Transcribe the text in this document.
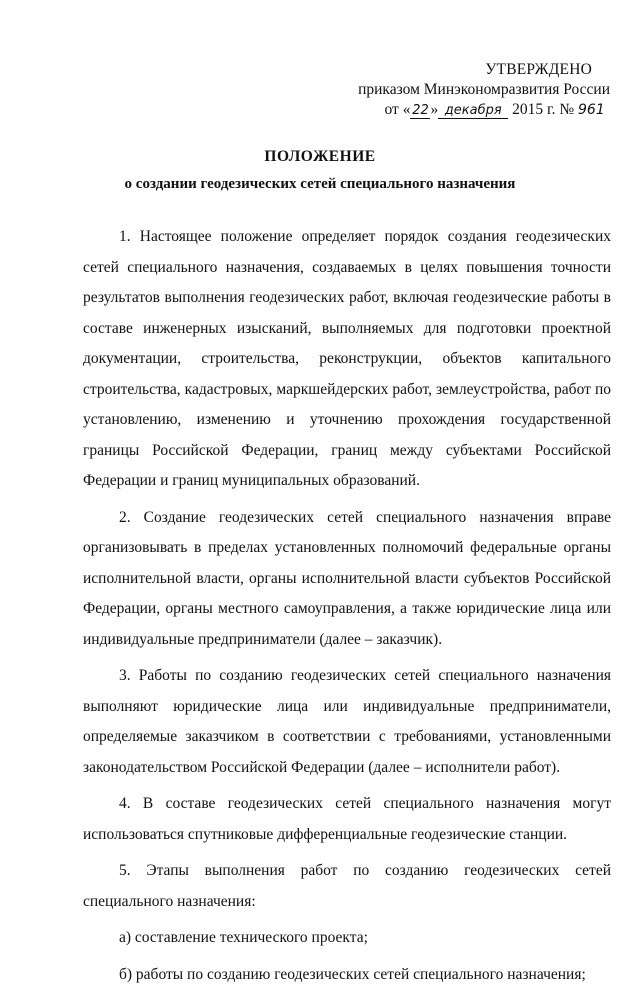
УТВЕРЖДЕНО
приказом Минэкономразвития России
от « 22 » декабря 2015 г. № 961
ПОЛОЖЕНИЕ
о создании геодезических сетей специального назначения

1. Настоящее положение определяет порядок создания геодезических сетей специального назначения, создаваемых в целях повышения точности результатов выполнения геодезических работ, включая геодезические работы в составе инженерных изысканий, выполняемых для подготовки проектной документации, строительства, реконструкции, объектов капитального строительства, кадастровых, маркшейдерских работ, землеустройства, работ по установлению, изменению и уточнению прохождения государственной границы Российской Федерации, границ между субъектами Российской Федерации и границ муниципальных образований.

2. Создание геодезических сетей специального назначения вправе организовывать в пределах установленных полномочий федеральные органы исполнительной власти, органы исполнительной власти субъектов Российской Федерации, органы местного самоуправления, а также юридические лица или индивидуальные предприниматели (далее – заказчик).

3. Работы по созданию геодезических сетей специального назначения выполняют юридические лица или индивидуальные предприниматели, определяемые заказчиком в соответствии с требованиями, установленными законодательством Российской Федерации (далее – исполнители работ).

4. В составе геодезических сетей специального назначения могут использоваться спутниковые дифференциальные геодезические станции.

5. Этапы выполнения работ по созданию геодезических сетей специального назначения:

а) составление технического проекта;

б) работы по созданию геодезических сетей специального назначения;
